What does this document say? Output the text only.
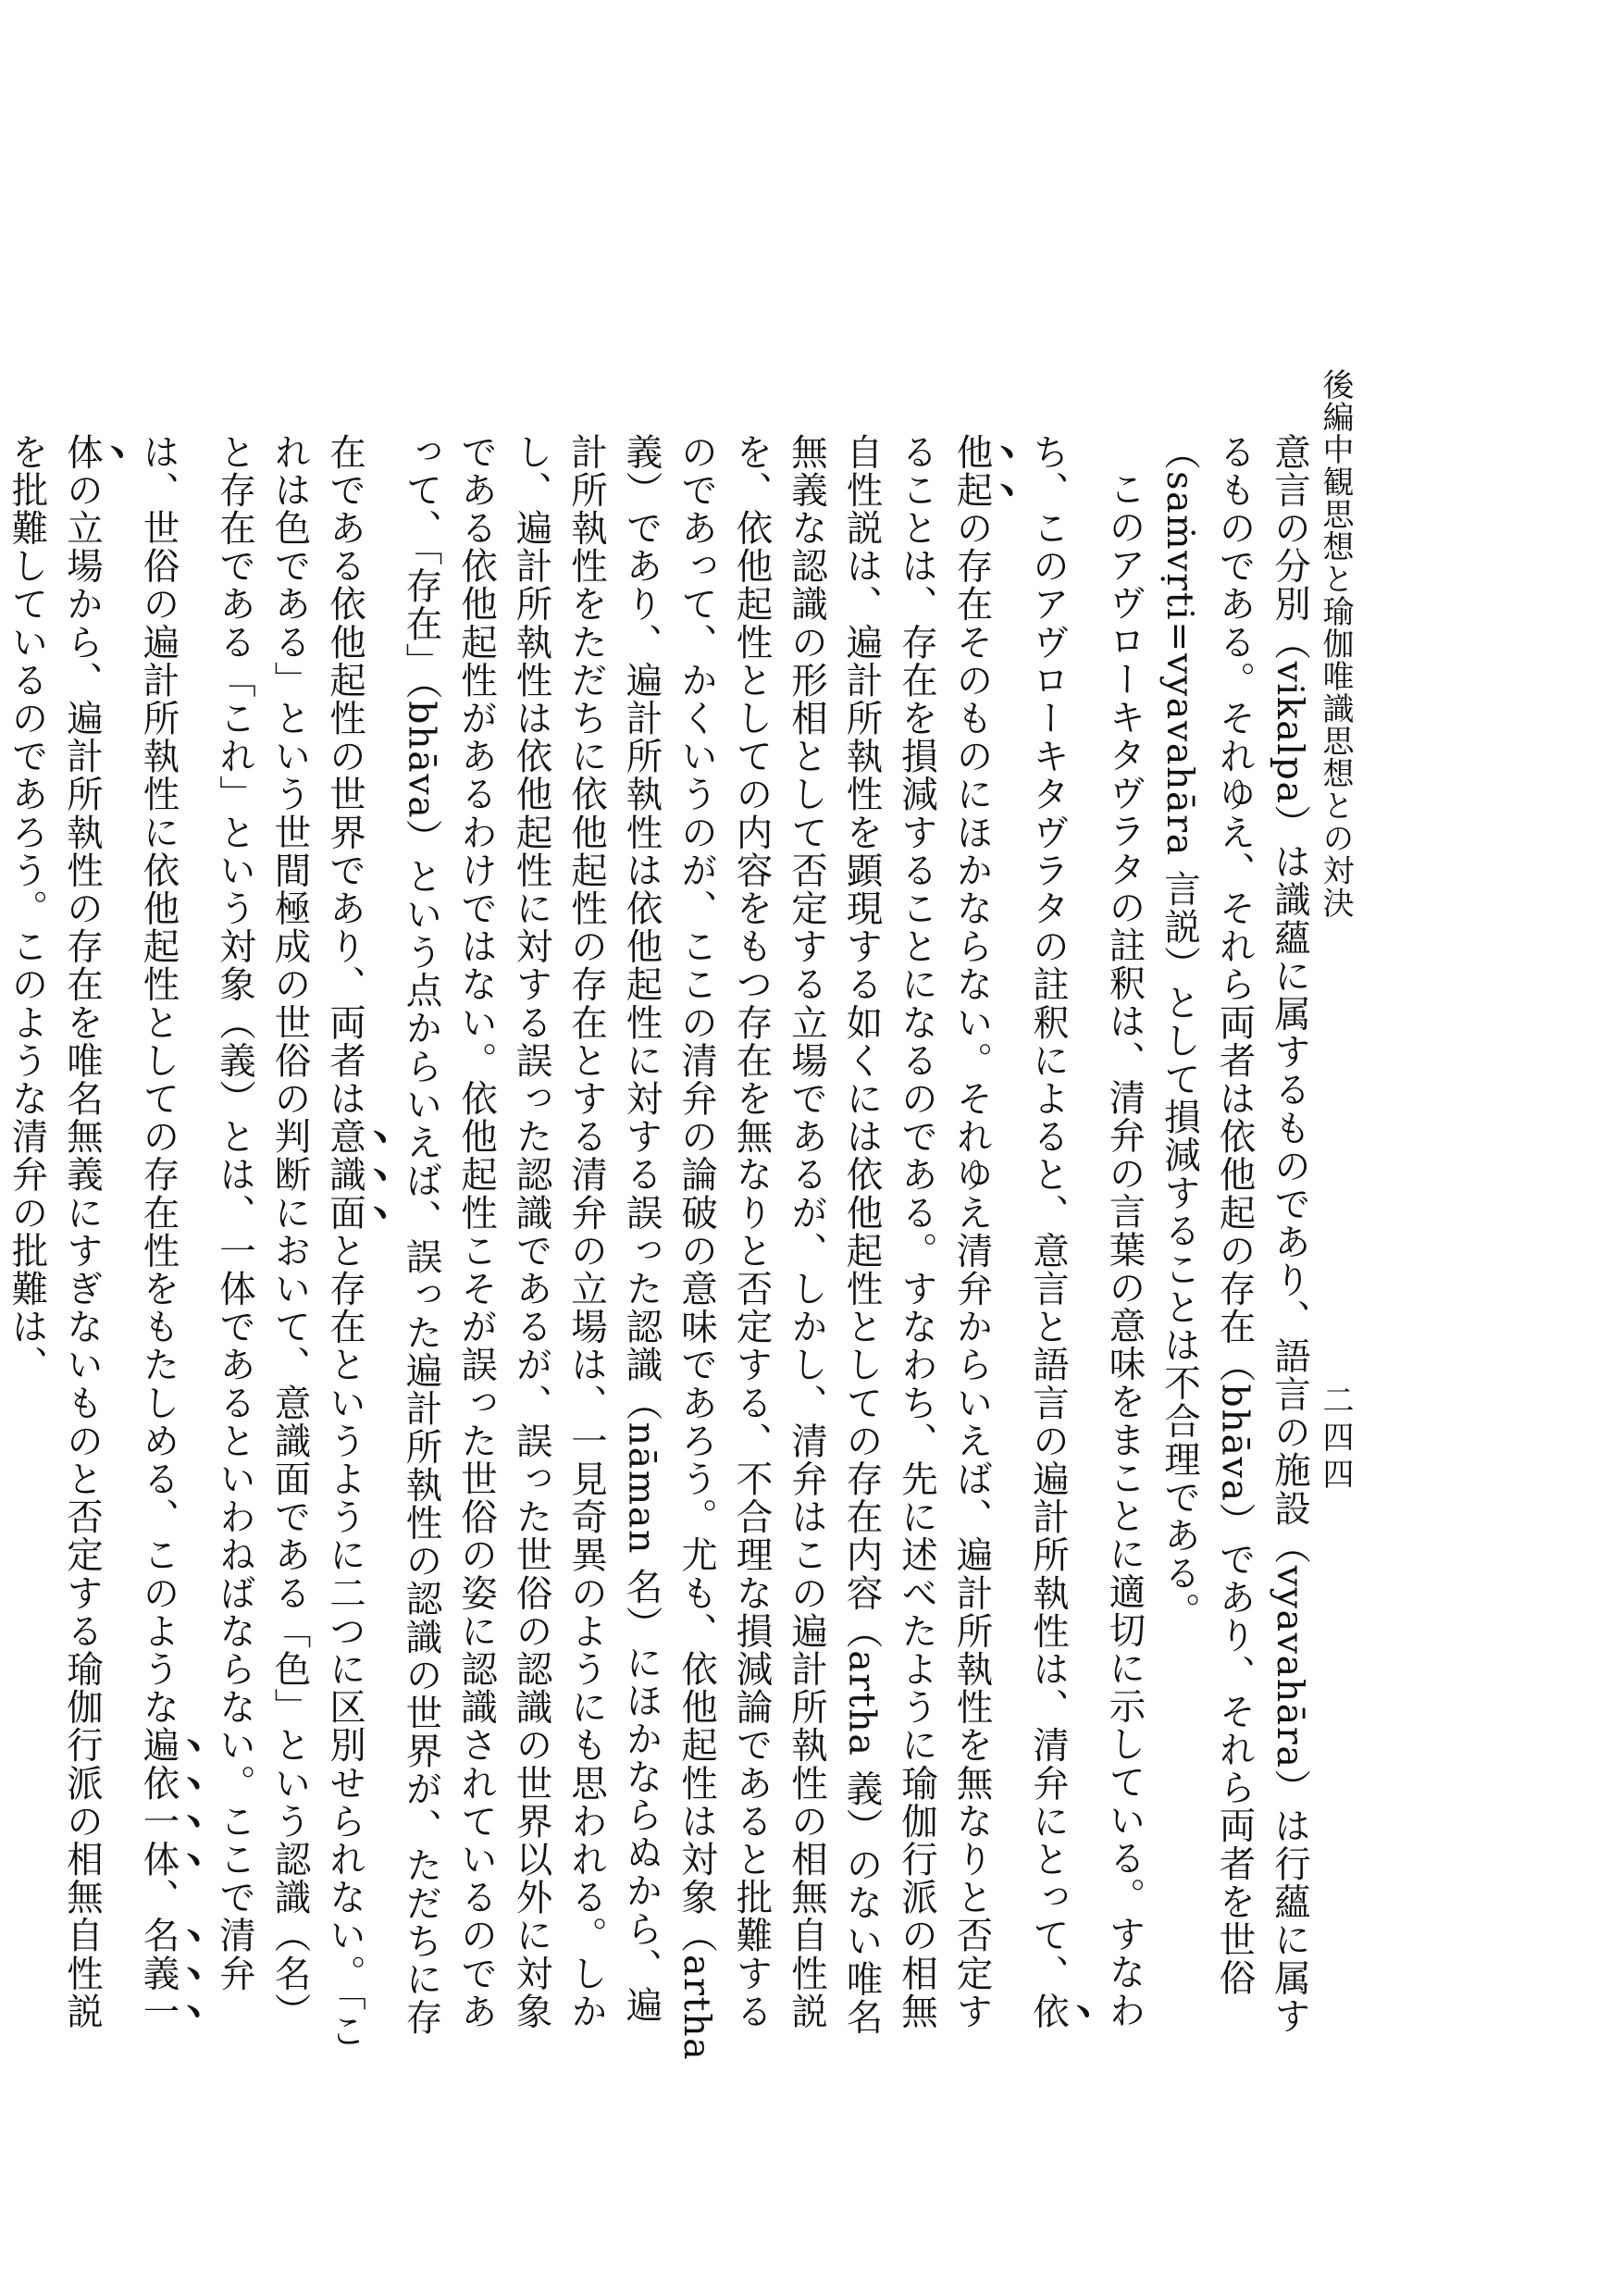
後編中観思想と瑜伽唯識思想との対決
二四四

意言の分別（vikalpa）は識蘊に属するものであり、語言の施設（vyavahāra）は行蘊に属するものである。それゆえ、それら両者は依他起の存在（bhāva）であり、それら両者を世俗（saṁvṛti=vyavahāra 言説）として損減することは不合理である。

このアヴローキタヴラタの註釈は、清弁の言葉の意味をまことに適切に示している。すなわち、このアヴローキタヴラタの註釈によると、意言と語言の遍計所執性は、清弁にとって、依他起の存在そのものにほかならない。それゆえ清弁からいえば、遍計所執性を無なりと否定することは、存在を損減することになるのである。すなわち、先に述べたように瑜伽行派の相無自性説は、遍計所執性を顕現する如くには依他起性としての存在内容（artha 義）のない唯名無義な認識の形相として否定する立場であるが、しかし、清弁はこの遍計所執性の相無自性説を、依他起性としての内容をもつ存在を無なりと否定する、不合理な損減論であると批難するのであって、かくいうのが、ここの清弁の論破の意味であろう。尤も、依他起性は対象（artha 義）であり、遍計所執性は依他起性に対する誤った認識（nāman 名）にほかならぬから、遍計所執性をただちに依他起性の存在とする清弁の立場は、一見奇異のようにも思われる。しかし、遍計所執性は依他起性に対する誤った認識であるが、誤った世俗の認識の世界以外に対象である依他起性があるわけではない。依他起性こそが誤った世俗の姿に認識されているのであって、「存在」（bhāva）という点からいえば、誤った遍計所執性の認識の世界が、ただちに存在である依他起性の世界であり、両者は意識面と存在というように二つに区別せられない。「これは色である」という世間極成の世俗の判断において、意識面である「色」という認識（名）と存在である「これ」という対象（義）とは、一体であるといわねばならない。ここで清弁は、世俗の遍計所執性に依他起性としての存在性をもたしめる、このような遍依一体、名義一体の立場から、遍計所執性の存在を唯名無義にすぎないものと否定する瑜伽行派の相無自性説を批難しているのであろう。このような清弁の批難は、
